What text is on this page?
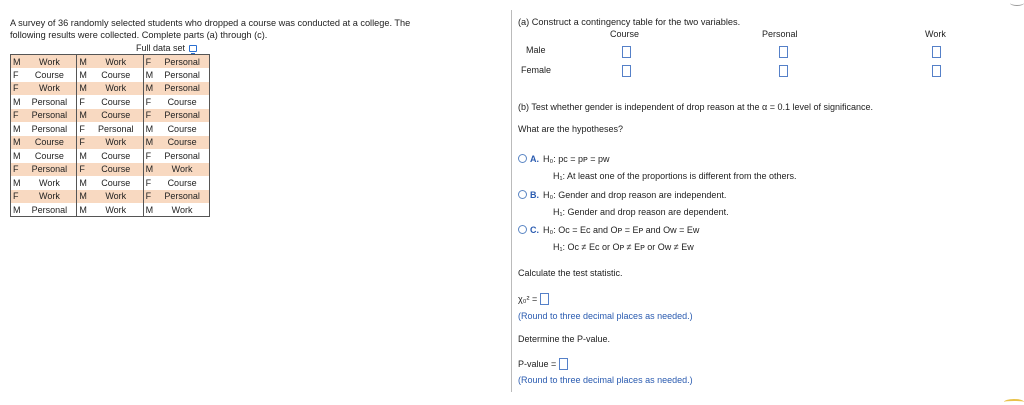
A survey of 36 randomly selected students who dropped a course was conducted at a college. The
following results were collected. Complete parts (a) through (c).
Full data set
M	Work	M	Work	F	Personal
F	Course	M	Course	M	Personal
F	Work	M	Work	M	Personal
M	Personal	F	Course	F	Course
F	Personal	M	Course	F	Personal
M	Personal	F	Personal	M	Course
M	Course	F	Work	M	Course
M	Course	M	Course	F	Personal
F	Personal	F	Course	M	Work
M	Work	M	Course	F	Course
F	Work	M	Work	F	Personal
M	Personal	M	Work	M	Work
(a) Construct a contingency table for the two variables.
Course	Personal	Work
Male
Female
(b) Test whether gender is independent of drop reason at the α = 0.1 level of significance.
What are the hypotheses?
A. H₀: pᴄ = pᴘ = pᴡ
H₁: At least one of the proportions is different from the others.
B. H₀: Gender and drop reason are independent.
H₁: Gender and drop reason are dependent.
C. H₀: Oᴄ = Eᴄ and Oᴘ = Eᴘ and Oᴡ = Eᴡ
H₁: Oᴄ ≠ Eᴄ or Oᴘ ≠ Eᴘ or Oᴡ ≠ Eᴡ
Calculate the test statistic.
χ₀² =
(Round to three decimal places as needed.)
Determine the P-value.
P-value =
(Round to three decimal places as needed.)
